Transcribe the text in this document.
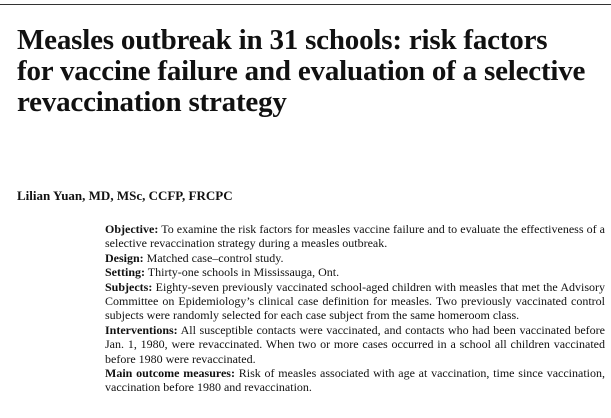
Measles outbreak in 31 schools: risk factors
for vaccine failure and evaluation of a selective
revaccination strategy

Lilian Yuan, MD, MSc, CCFP, FRCPC

Objective: To examine the risk factors for measles vaccine failure and to evaluate the effectiveness of a selective revaccination strategy during a measles outbreak.

Design: Matched case–control study.

Setting: Thirty-one schools in Mississauga, Ont.

Subjects: Eighty-seven previously vaccinated school-aged children with measles that met the Advisory Committee on Epidemiology’s clinical case definition for measles. Two previously vaccinated control subjects were randomly selected for each case subject from the same homeroom class.

Interventions: All susceptible contacts were vaccinated, and contacts who had been vaccinated before Jan. 1, 1980, were revaccinated. When two or more cases occurred in a school all children vaccinated before 1980 were revaccinated.

Main outcome measures: Risk of measles associated with age at vaccination, time since vaccination, vaccination before 1980 and revaccination.
